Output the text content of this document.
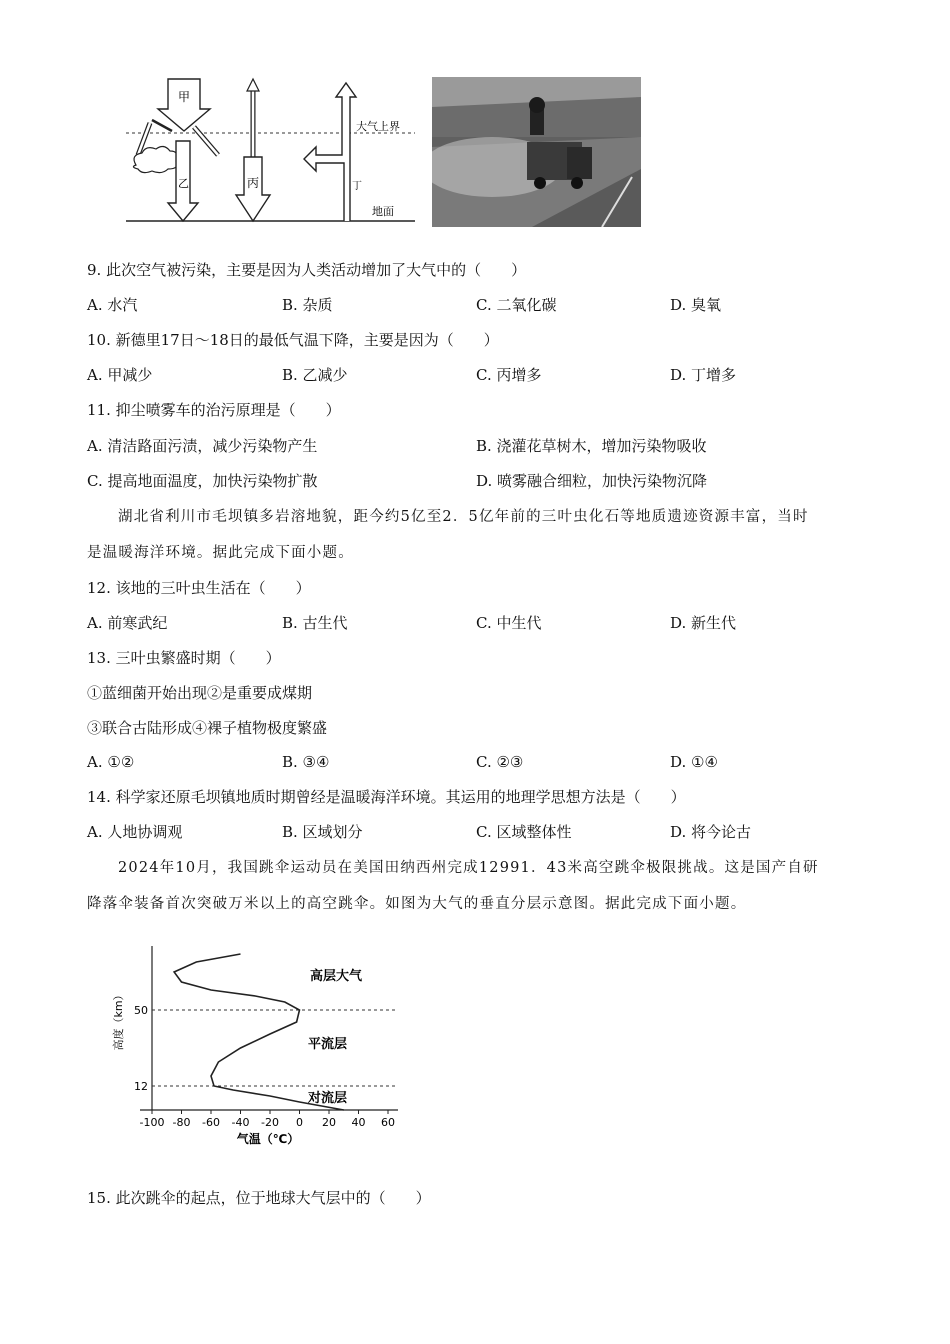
甲
乙	丙	丁
大气上界
地面
9. 此次空气被污染，主要是因为人类活动增加了大气中的（　　）
A. 水汽	B. 杂质	C. 二氧化碳	D. 臭氧
10. 新德里17日～18日的最低气温下降，主要是因为（　　）
A. 甲减少	B. 乙减少	C. 丙增多	D. 丁增多
11. 抑尘喷雾车的治污原理是（　　）
A. 清洁路面污渍，减少污染物产生	B. 浇灌花草树木，增加污染物吸收
C. 提高地面温度，加快污染物扩散	D. 喷雾融合细粒，加快污染物沉降
湖北省利川市毛坝镇多岩溶地貌，距今约5亿至2．5亿年前的三叶虫化石等地质遗迹资源丰富，当时
是温暖海洋环境。据此完成下面小题。
12. 该地的三叶虫生活在（　　）
A. 前寒武纪	B. 古生代	C. 中生代	D. 新生代
13. 三叶虫繁盛时期（　　）
①蓝细菌开始出现②是重要成煤期
③联合古陆形成④裸子植物极度繁盛
A. ①②	B. ③④	C. ②③	D. ①④
14. 科学家还原毛坝镇地质时期曾经是温暖海洋环境。其运用的地理学思想方法是（　　）
A. 人地协调观	B. 区域划分	C. 区域整体性	D. 将今论古
2024年10月，我国跳伞运动员在美国田纳西州完成12991．43米高空跳伞极限挑战。这是国产自研
降落伞装备首次突破万米以上的高空跳伞。如图为大气的垂直分层示意图。据此完成下面小题。
-100 -80 -60 -40 -20 0 20 40 60
12
50
高度（km）
气温（℃）
高层大气
平流层
对流层
15. 此次跳伞的起点，位于地球大气层中的（　　）
